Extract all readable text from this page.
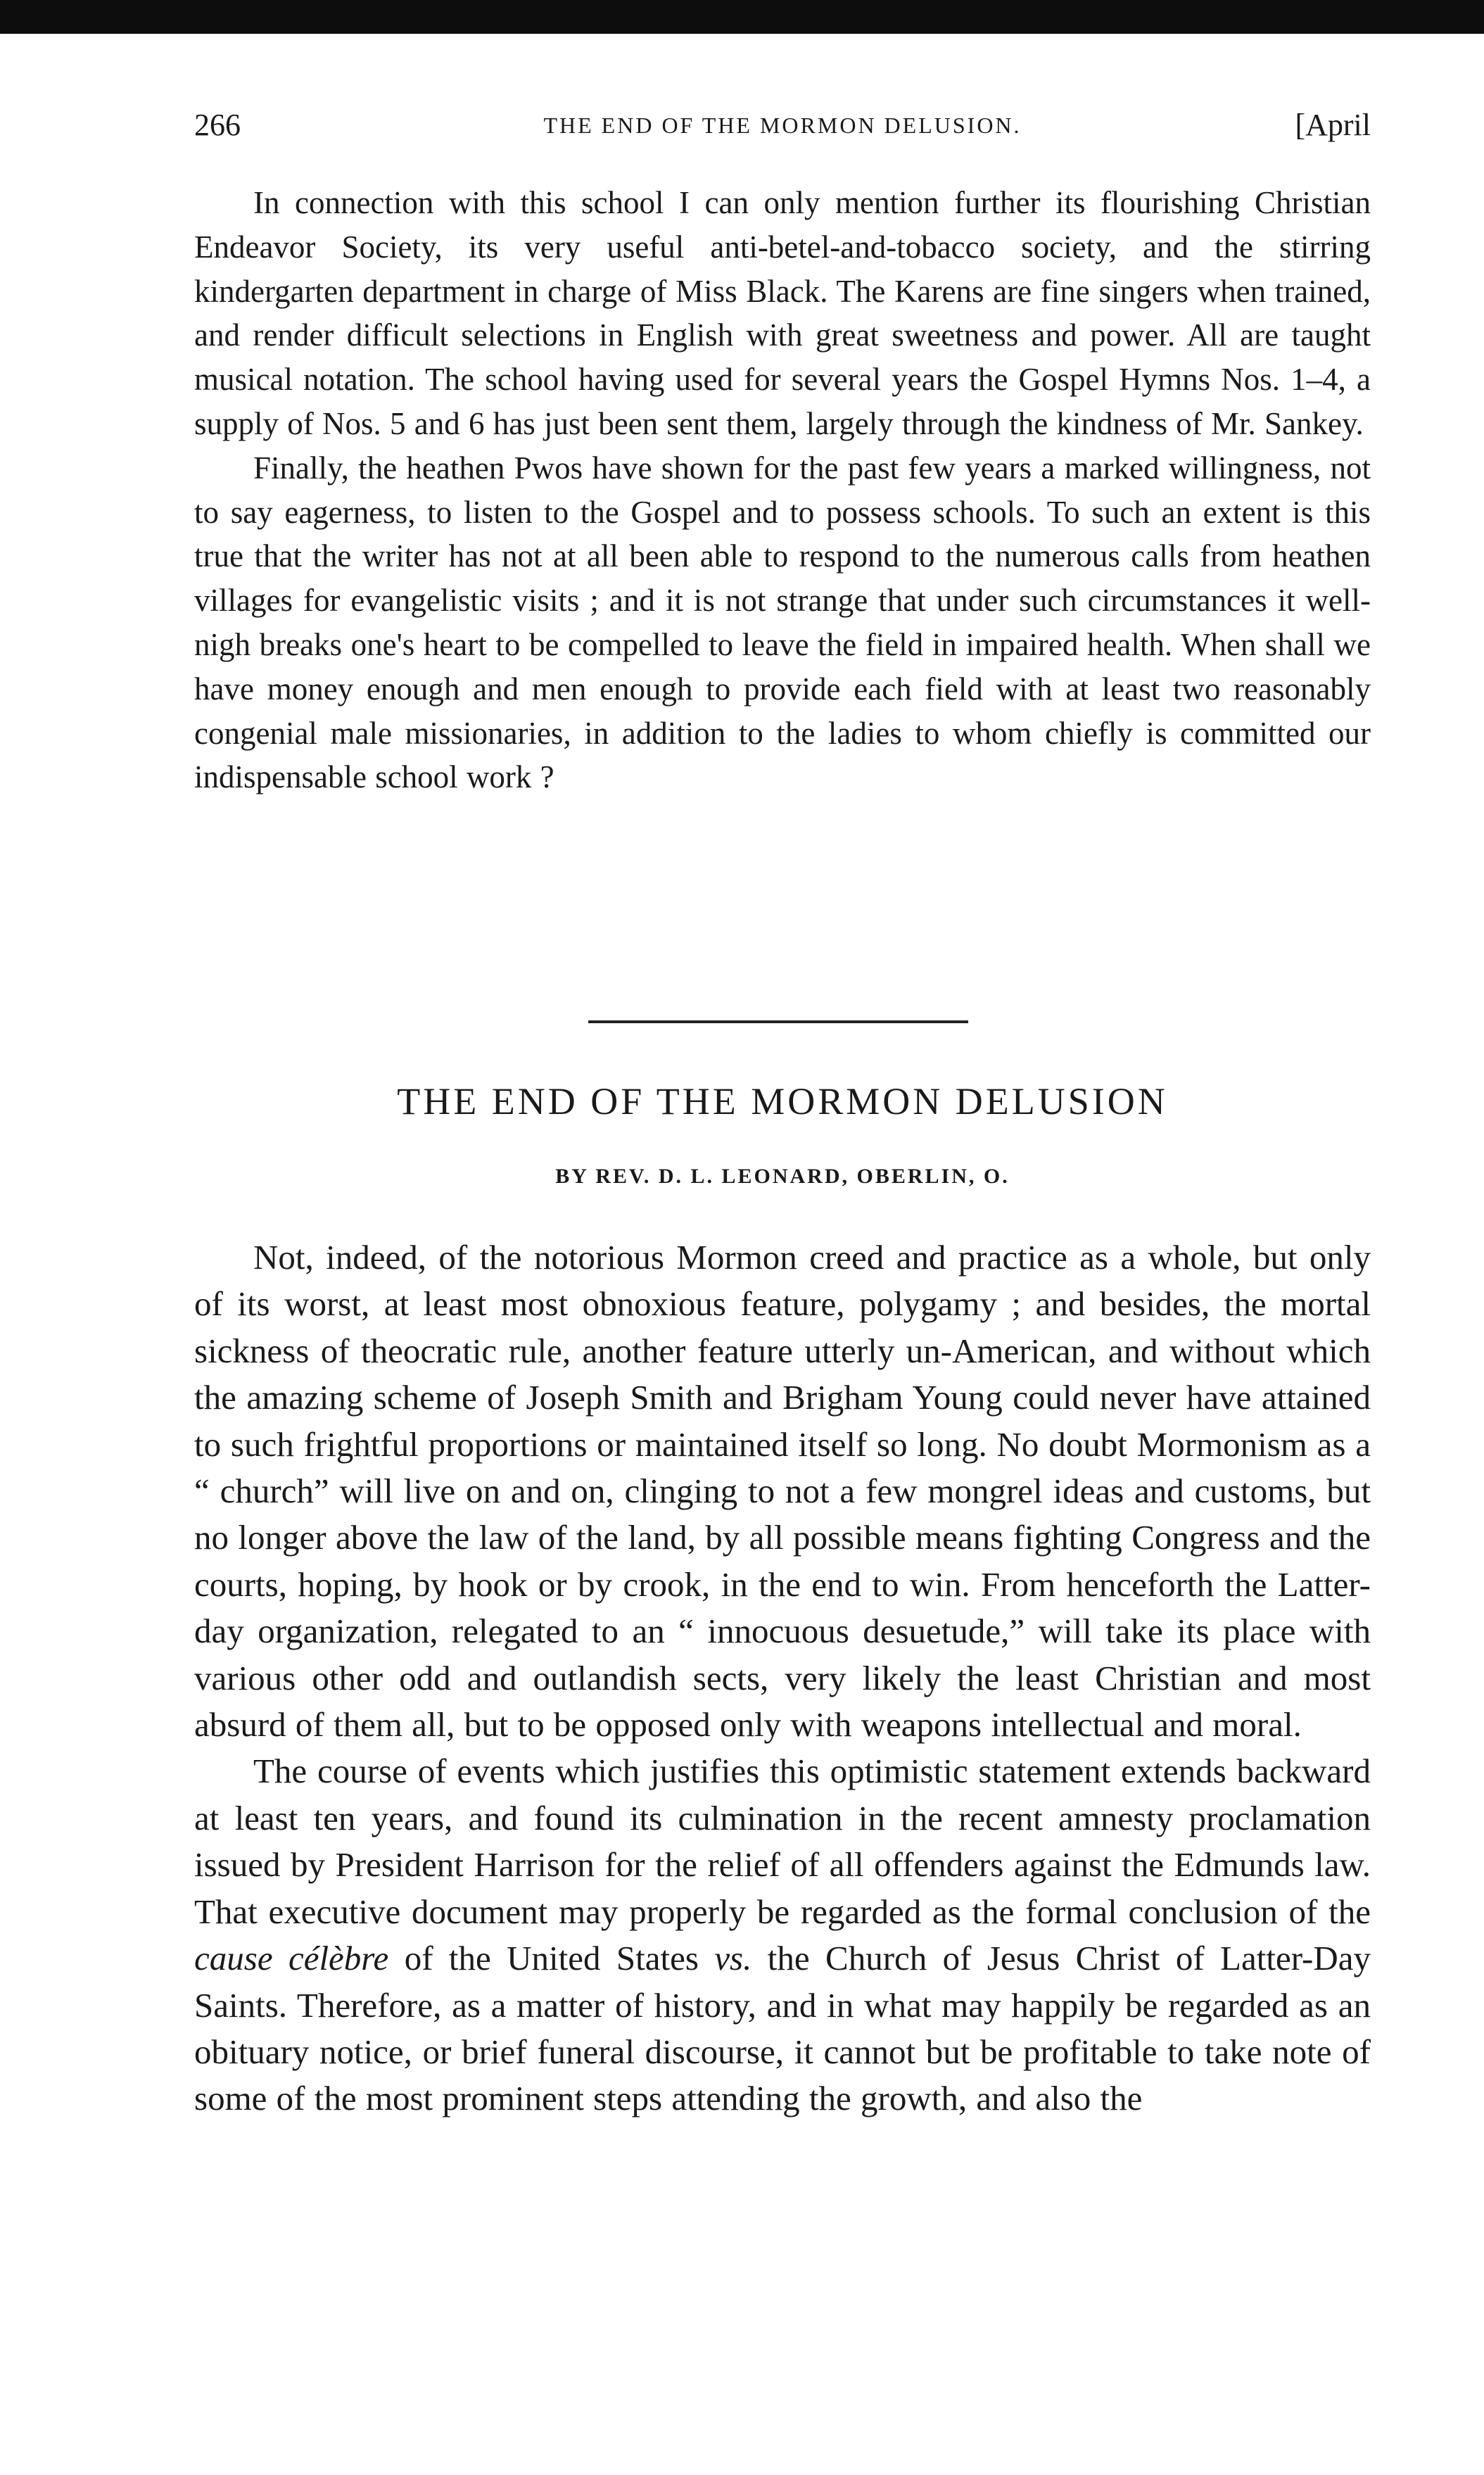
266	THE END OF THE MORMON DELUSION.	[April

In connection with this school I can only mention further its flourishing Christian Endeavor Society, its very useful anti-betel-and-tobacco society, and the stirring kindergarten department in charge of Miss Black. The Karens are fine singers when trained, and render difficult selections in English with great sweetness and power. All are taught musical notation. The school having used for several years the Gospel Hymns Nos. 1–4, a supply of Nos. 5 and 6 has just been sent them, largely through the kindness of Mr. Sankey.

Finally, the heathen Pwos have shown for the past few years a marked willingness, not to say eagerness, to listen to the Gospel and to possess schools. To such an extent is this true that the writer has not at all been able to respond to the numerous calls from heathen villages for evangelistic visits ; and it is not strange that under such circumstances it well-nigh breaks one's heart to be compelled to leave the field in impaired health. When shall we have money enough and men enough to provide each field with at least two reasonably congenial male missionaries, in addition to the ladies to whom chiefly is committed our indispensable school work ?

THE END OF THE MORMON DELUSION
BY REV. D. L. LEONARD, OBERLIN, O.

Not, indeed, of the notorious Mormon creed and practice as a whole, but only of its worst, at least most obnoxious feature, polygamy ; and besides, the mortal sickness of theocratic rule, another feature utterly un-American, and without which the amazing scheme of Joseph Smith and Brigham Young could never have attained to such frightful proportions or maintained itself so long. No doubt Mormonism as a “ church” will live on and on, clinging to not a few mongrel ideas and customs, but no longer above the law of the land, by all possible means fighting Congress and the courts, hoping, by hook or by crook, in the end to win. From henceforth the Latter-day organization, relegated to an “ innocuous desuetude,” will take its place with various other odd and outlandish sects, very likely the least Christian and most absurd of them all, but to be opposed only with weapons intellectual and moral.

The course of events which justifies this optimistic statement extends backward at least ten years, and found its culmination in the recent amnesty proclamation issued by President Harrison for the relief of all offenders against the Edmunds law. That executive document may properly be regarded as the formal conclusion of the cause célèbre of the United States vs. the Church of Jesus Christ of Latter-Day Saints. Therefore, as a matter of history, and in what may happily be regarded as an obituary notice, or brief funeral discourse, it cannot but be profitable to take note of some of the most prominent steps attending the growth, and also the
